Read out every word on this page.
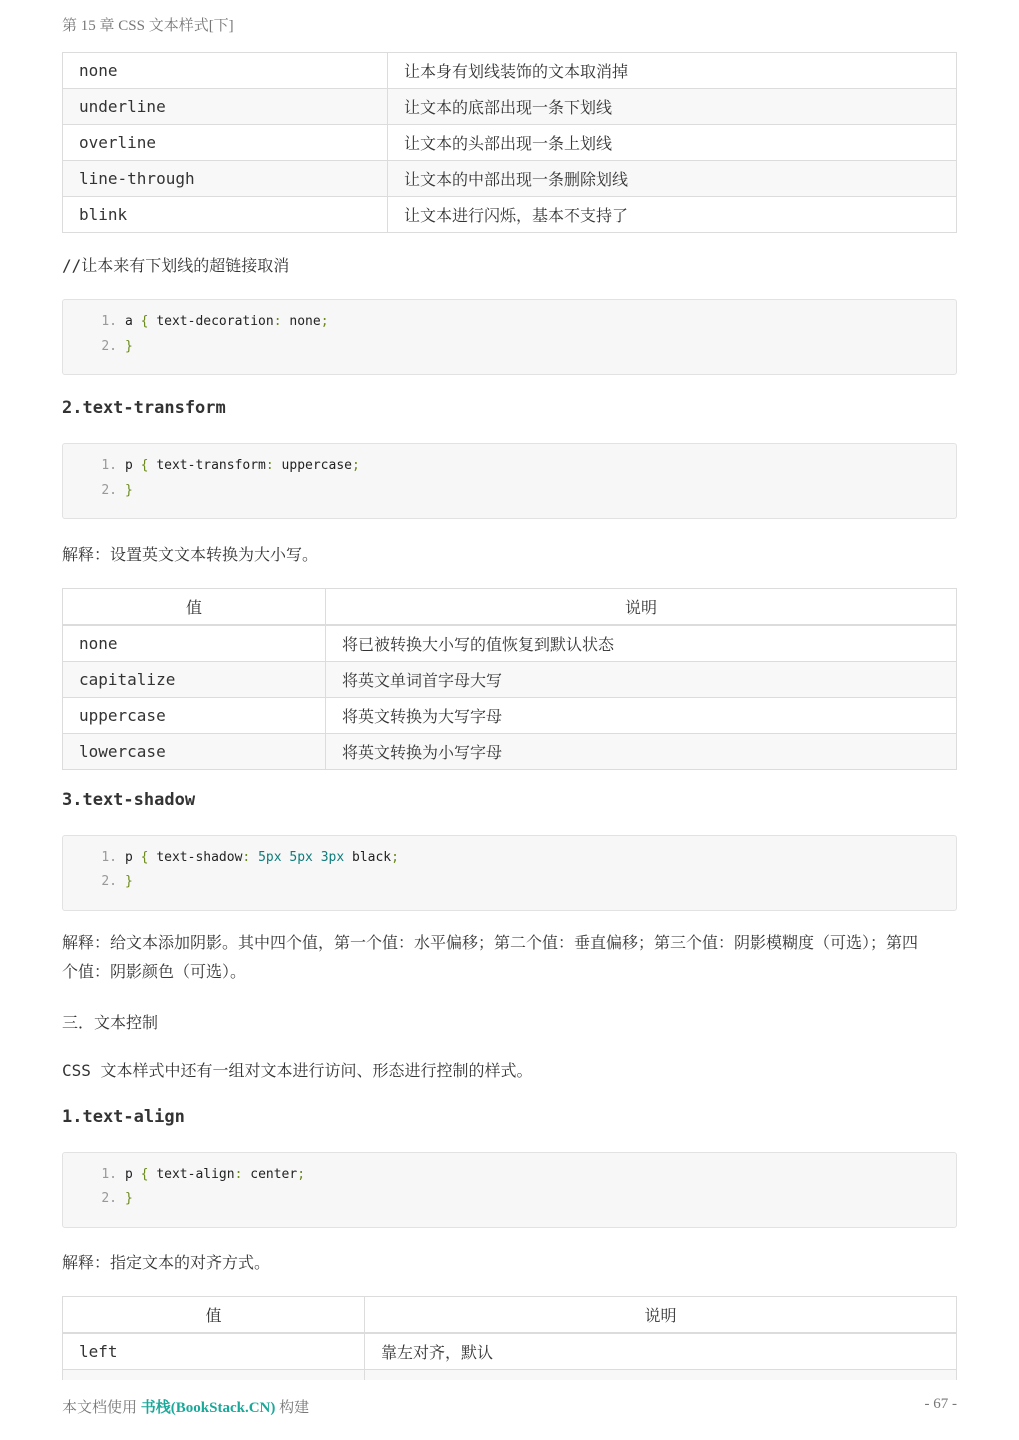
第 15 章 CSS 文本样式[下]
none	让本身有划线装饰的文本取消掉
underline	让文本的底部出现一条下划线
overline	让文本的头部出现一条上划线
line-through	让文本的中部出现一条删除划线
blink	让文本进行闪烁，基本不支持了
//让本来有下划线的超链接取消
1. a { text-decoration: none;
2. }
2.text-transform
1. p { text-transform: uppercase;
2. }
解释：设置英文文本转换为大小写。
值	说明
none	将已被转换大小写的值恢复到默认状态
capitalize	将英文单词首字母大写
uppercase	将英文转换为大写字母
lowercase	将英文转换为小写字母
3.text-shadow
1. p { text-shadow: 5px 5px 3px black;
2. }
解释：给文本添加阴影。其中四个值，第一个值：水平偏移；第二个值：垂直偏移；第三个值：阴影模糊度（可选）；第四个值：阴影颜色（可选）。
三．文本控制
CSS 文本样式中还有一组对文本进行访问、形态进行控制的样式。
1.text-align
1. p { text-align: center;
2. }
解释：指定文本的对齐方式。
值	说明
left	靠左对齐，默认

本文档使用 书栈(BookStack.CN) 构建	- 67 -
